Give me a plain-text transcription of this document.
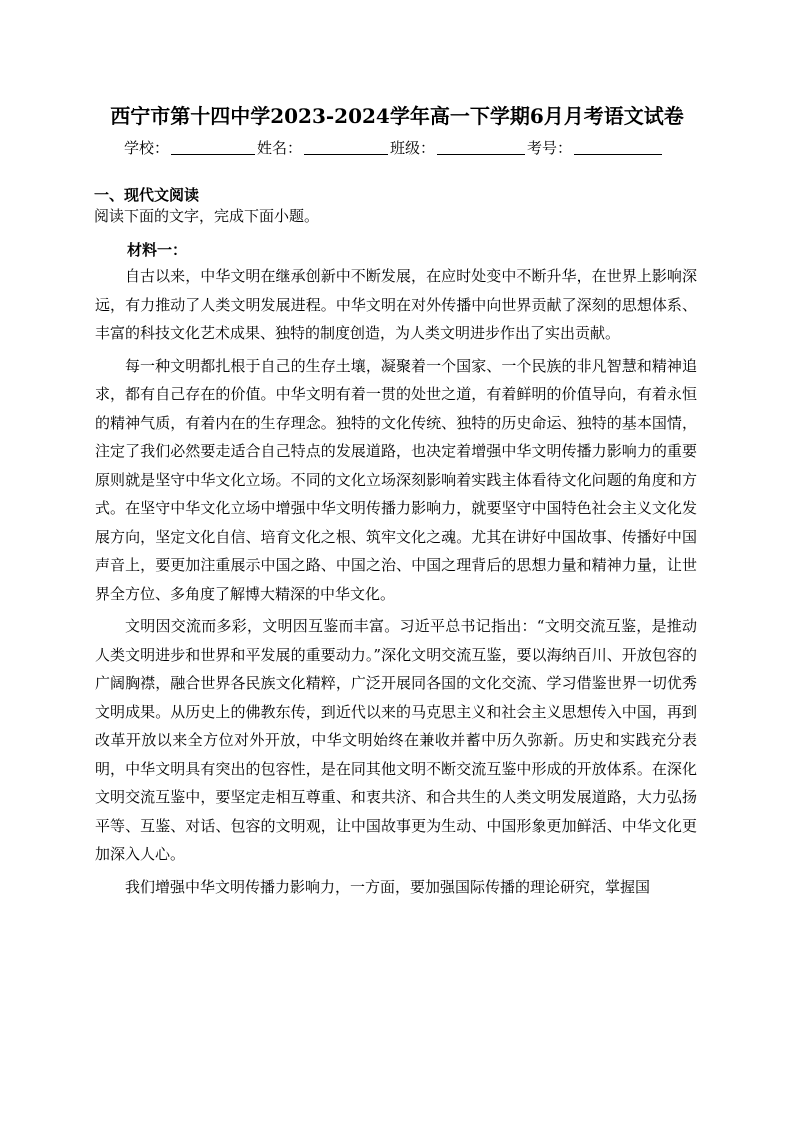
西宁市第十四中学2023-2024学年高一下学期6月月考语文试卷
学校：	姓名：	班级：	考号：
一、现代文阅读
阅读下面的文字，完成下面小题。
材料一：

自古以来，中华文明在继承创新中不断发展，在应时处变中不断升华，在世界上影响深远，有力推动了人类文明发展进程。中华文明在对外传播中向世界贡献了深刻的思想体系、丰富的科技文化艺术成果、独特的制度创造，为人类文明进步作出了实出贡献。

每一种文明都扎根于自己的生存土壤，凝聚着一个国家、一个民族的非凡智慧和精神追求，都有自己存在的价值。中华文明有着一贯的处世之道，有着鲜明的价值导向，有着永恒的精神气质，有着内在的生存理念。独特的文化传统、独特的历史命运、独特的基本国情，注定了我们必然要走适合自己特点的发展道路，也决定着增强中华文明传播力影响力的重要原则就是坚守中华文化立场。不同的文化立场深刻影响着实践主体看待文化问题的角度和方式。在坚守中华文化立场中增强中华文明传播力影响力，就要坚守中国特色社会主义文化发展方向，坚定文化自信、培育文化之根、筑牢文化之魂。尤其在讲好中国故事、传播好中国声音上，要更加注重展示中国之路、中国之治、中国之理背后的思想力量和精神力量，让世界全方位、多角度了解博大精深的中华文化。

文明因交流而多彩，文明因互鉴而丰富。习近平总书记指出：“文明交流互鉴，是推动人类文明进步和世界和平发展的重要动力。”深化文明交流互鉴，要以海纳百川、开放包容的广阔胸襟，融合世界各民族文化精粹，广泛开展同各国的文化交流、学习借鉴世界一切优秀文明成果。从历史上的佛教东传，到近代以来的马克思主义和社会主义思想传入中国，再到改革开放以来全方位对外开放，中华文明始终在兼收并蓄中历久弥新。历史和实践充分表明，中华文明具有突出的包容性，是在同其他文明不断交流互鉴中形成的开放体系。在深化文明交流互鉴中，要坚定走相互尊重、和衷共济、和合共生的人类文明发展道路，大力弘扬平等、互鉴、对话、包容的文明观，让中国故事更为生动、中国形象更加鲜活、中华文化更加深入人心。

我们增强中华文明传播力影响力，一方面，要加强国际传播的理论研究，掌握国
